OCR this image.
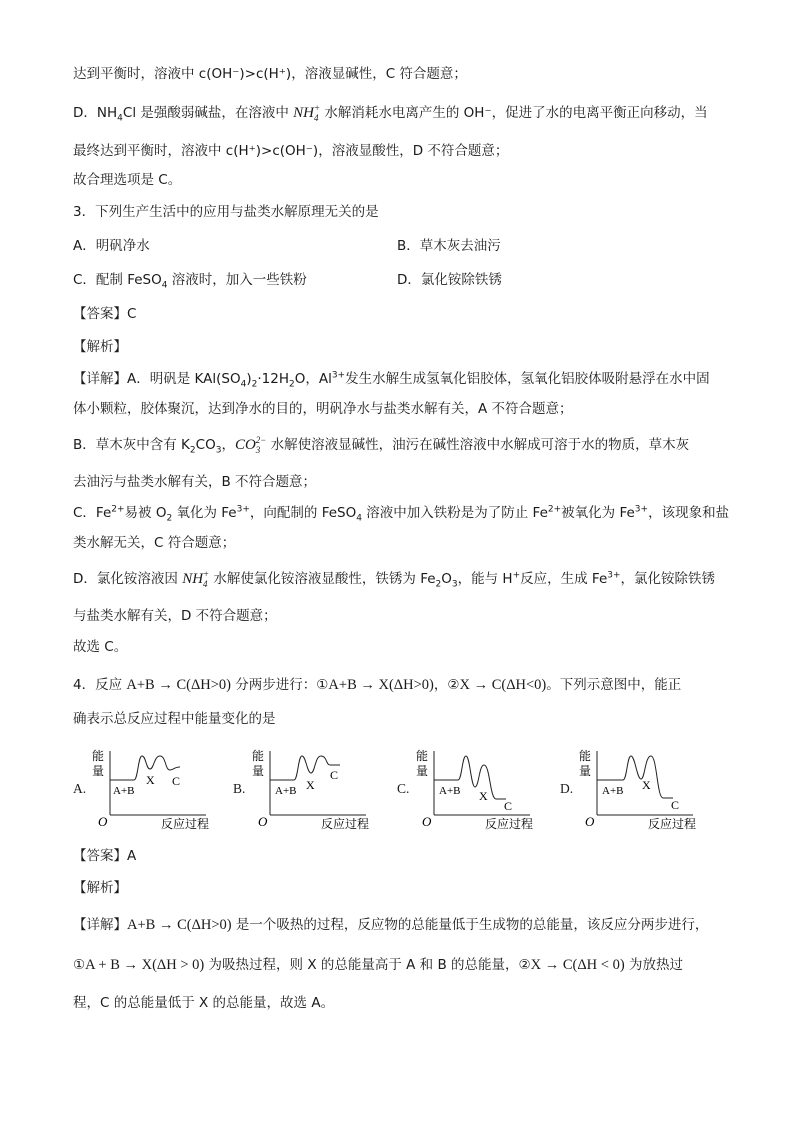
达到平衡时，溶液中 c(OH⁻)>c(H⁺)，溶液显碱性，C 符合题意；
D．$NH_4Cl$ 是强酸弱碱盐，在溶液中 NH +
4 水解消耗水电离产生的 OH⁻，促进了水的电离平衡正向移动，当
最终达到平衡时，溶液中 c(H⁺)>c(OH⁻)，溶液显酸性，D 不符合题意；
故合理选项是 C。
3．下列生产生活中的应用与盐类水解原理无关的是
A．明矾净水	B．草木灰去油污
C．配制 FeSO$_4$ 溶液时，加入一些铁粉	D．氯化铵除铁锈
【答案】C
【解析】
【详解】A．明矾是 $KAl(SO_4)_2\cdot 12H_2O$，$Al^{3+}$发生水解生成氢氧化铝胶体，氢氧化铝胶体吸附悬浮在水中固
体小颗粒，胶体聚沉，达到净水的目的，明矾净水与盐类水解有关，A 不符合题意；
B．草木灰中含有 $K_2CO_3$，CO 2−
3 水解使溶液显碱性，油污在碱性溶液中水解成可溶于水的物质，草木灰
去油污与盐类水解有关，B 不符合题意；
C．$Fe^{2+}$易被 $O_2$ 氧化为 $Fe^{3+}$，向配制的 FeSO$_4$ 溶液中加入铁粉是为了防止 $Fe^{2+}$被氧化为 $Fe^{3+}$，该现象和盐
类水解无关，C 符合题意；
D．氯化铵溶液因 NH +
4 水解使氯化铵溶液显酸性，铁锈为 $Fe_2O_3$，能与 H+反应，生成 $Fe^{3+}$，氯化铵除铁锈
与盐类水解有关，D 不符合题意；
故选 C。
4．反应 A+B → C(ΔH>0) 分两步进行：①A+B → X(ΔH>0)，②X → C(ΔH<0)。下列示意图中，能正
确表示总反应过程中能量变化的是
A.	B.	C.	D.
能
量
O	反应过程
A+B
X C
能
量
O	反应过程
A+B X
C
能
量
O	反应过程
A+B X
C
能
量
O	反应过程
A+B X
C
【答案】A
【解析】
【详解】A+B → C(ΔH>0) 是一个吸热的过程，反应物的总能量低于生成物的总能量，该反应分两步进行，
①A + B → X(ΔH > 0) 为吸热过程，则 X 的总能量高于 A 和 B 的总能量，②X → C(ΔH < 0) 为放热过
程，C 的总能量低于 X 的总能量，故选 A。
